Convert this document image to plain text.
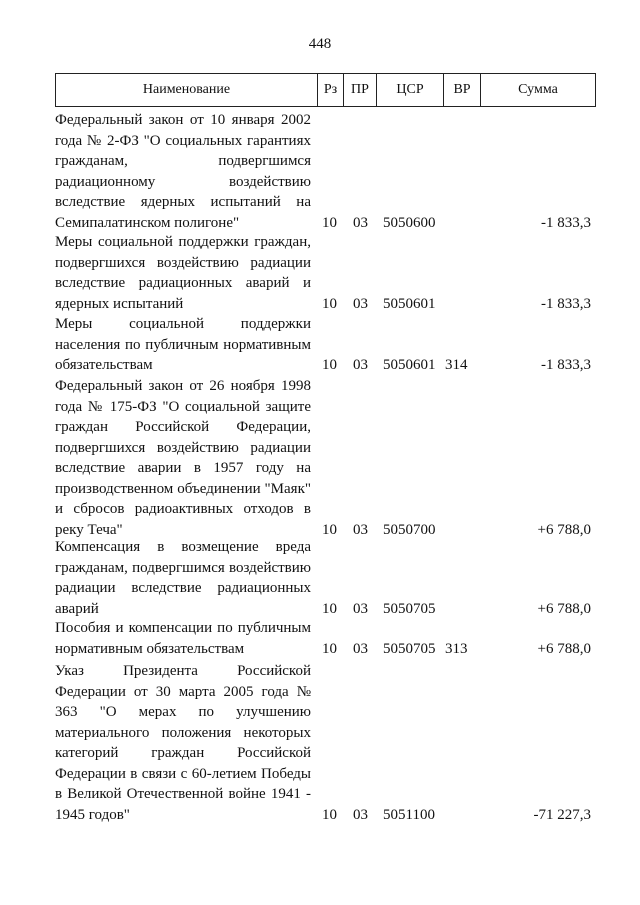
448
Наименование	Рз ПР	ЦСР	ВР	Сумма
Федеральный закон от 10 января 2002 года № 2-ФЗ "О социальных гарантиях гражданам, подвергшимся радиационному воздействию вследствие ядерных испытаний на Семипалатинском полигоне"	10 03 5050600	-1 833,3
Меры социальной поддержки граждан, подвергшихся воздействию радиации вследствие радиационных аварий и ядерных испытаний	10 03 5050601	-1 833,3
Меры социальной поддержки населения по публичным нормативным обязательствам	10 03 5050601 314	-1 833,3
Федеральный закон от 26 ноября 1998 года № 175-ФЗ "О социальной защите граждан Российской Федерации, подвергшихся воздействию радиации вследствие аварии в 1957 году на производственном объединении "Маяк" и сбросов радиоактивных отходов в реку Теча"	10 03 5050700	+6 788,0
Компенсация в возмещение вреда гражданам, подвергшимся воздействию радиации вследствие радиационных аварий	10 03 5050705	+6 788,0
Пособия и компенсации по публичным нормативным обязательствам	10 03 5050705 313	+6 788,0
Указ Президента Российской Федерации от 30 марта 2005 года № 363 "О мерах по улучшению материального положения некоторых категорий граждан Российской Федерации в связи с 60-летием Победы в Великой Отечественной войне 1941 - 1945 годов"	10 03 5051100	-71 227,3
